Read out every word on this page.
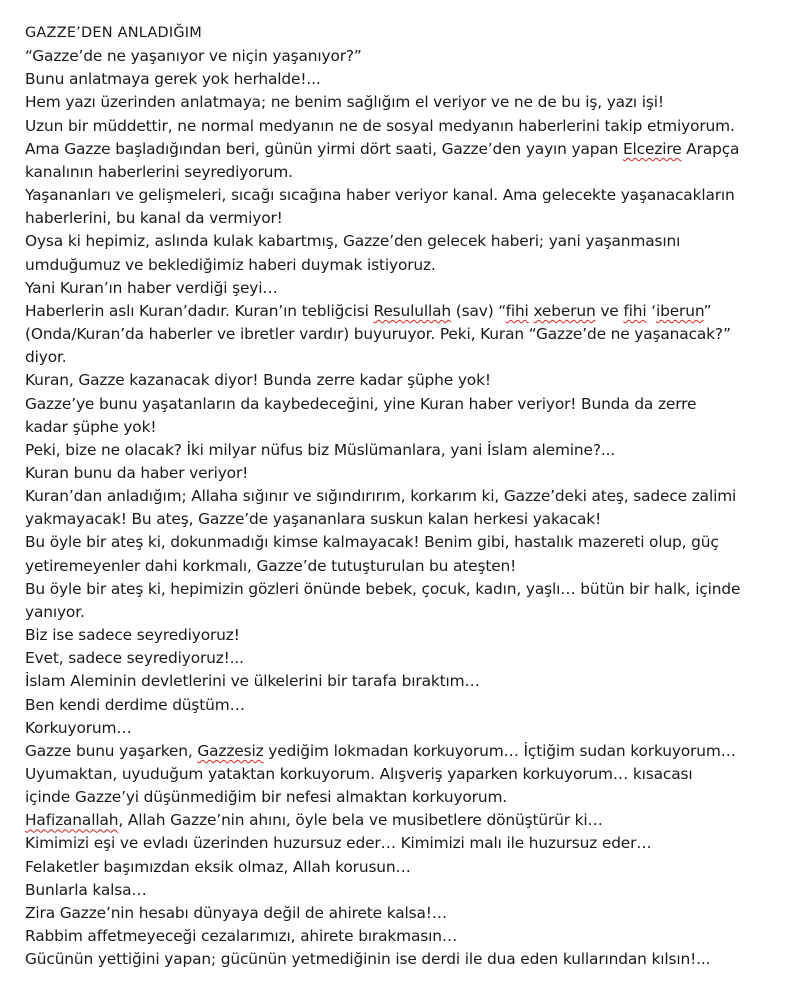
GAZZE’DEN ANLADIĞIM
“Gazze’de ne yaşanıyor ve niçin yaşanıyor?”
Bunu anlatmaya gerek yok herhalde!...
Hem yazı üzerinden anlatmaya; ne benim sağlığım el veriyor ve ne de bu iş, yazı işi!
Uzun bir müddettir, ne normal medyanın ne de sosyal medyanın haberlerini takip etmiyorum.
Ama Gazze başladığından beri, günün yirmi dört saati, Gazze’den yayın yapan Elcezire Arapça
kanalının haberlerini seyrediyorum.
Yaşananları ve gelişmeleri, sıcağı sıcağına haber veriyor kanal. Ama gelecekte yaşanacakların
haberlerini, bu kanal da vermiyor!
Oysa ki hepimiz, aslında kulak kabartmış, Gazze’den gelecek haberi; yani yaşanmasını
umduğumuz ve beklediğimiz haberi duymak istiyoruz.
Yani Kuran’ın haber verdiği şeyi…
Haberlerin aslı Kuran’dadır. Kuran’ın tebliğcisi Resulullah (sav) “fihi xeberun ve fihi ‘iberun”
(Onda/Kuran’da haberler ve ibretler vardır) buyuruyor. Peki, Kuran “Gazze’de ne yaşanacak?”
diyor.
Kuran, Gazze kazanacak diyor! Bunda zerre kadar şüphe yok!
Gazze’ye bunu yaşatanların da kaybedeceğini, yine Kuran haber veriyor! Bunda da zerre
kadar şüphe yok!
Peki, bize ne olacak? İki milyar nüfus biz Müslümanlara, yani İslam alemine?...
Kuran bunu da haber veriyor!
Kuran’dan anladığım; Allaha sığınır ve sığındırırım, korkarım ki, Gazze’deki ateş, sadece zalimi
yakmayacak! Bu ateş, Gazze’de yaşananlara suskun kalan herkesi yakacak!
Bu öyle bir ateş ki, dokunmadığı kimse kalmayacak! Benim gibi, hastalık mazereti olup, güç
yetiremeyenler dahi korkmalı, Gazze’de tutuşturulan bu ateşten!
Bu öyle bir ateş ki, hepimizin gözleri önünde bebek, çocuk, kadın, yaşlı… bütün bir halk, içinde
yanıyor.
Biz ise sadece seyrediyoruz!
Evet, sadece seyrediyoruz!...
İslam Aleminin devletlerini ve ülkelerini bir tarafa bıraktım…
Ben kendi derdime düştüm…
Korkuyorum…
Gazze bunu yaşarken, Gazzesiz yediğim lokmadan korkuyorum… İçtiğim sudan korkuyorum…
Uyumaktan, uyuduğum yataktan korkuyorum. Alışveriş yaparken korkuyorum… kısacası
içinde Gazze’yi düşünmediğim bir nefesi almaktan korkuyorum.
Hafizanallah, Allah Gazze’nin ahını, öyle bela ve musibetlere dönüştürür ki…
Kimimizi eşi ve evladı üzerinden huzursuz eder… Kimimizi malı ile huzursuz eder…
Felaketler başımızdan eksik olmaz, Allah korusun…
Bunlarla kalsa…
Zira Gazze’nin hesabı dünyaya değil de ahirete kalsa!…
Rabbim affetmeyeceği cezalarımızı, ahirete bırakmasın…
Gücünün yettiğini yapan; gücünün yetmediğinin ise derdi ile dua eden kullarından kılsın!...
